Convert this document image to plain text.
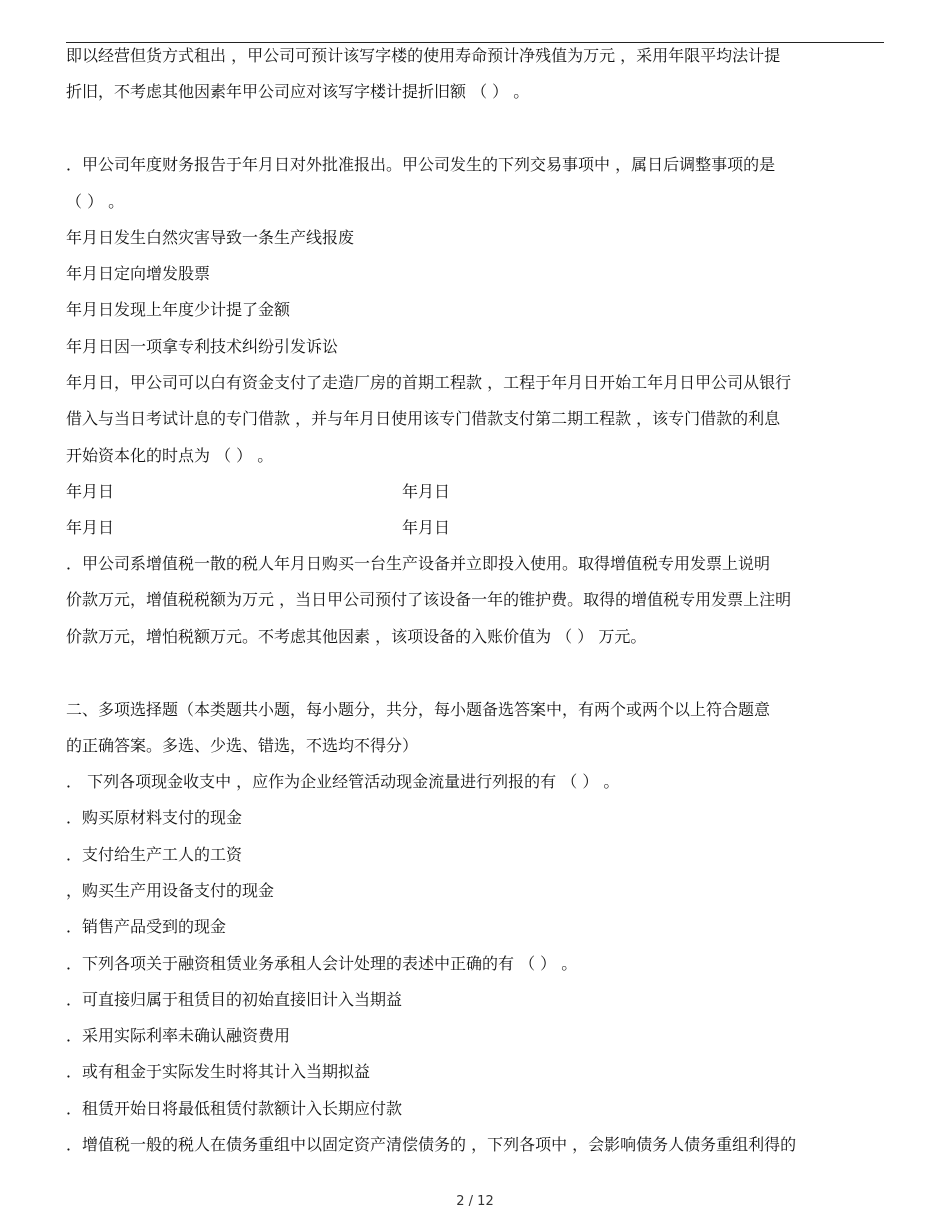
即以经营但货方式租出 ，甲公司可预计该写字楼的使用寿命预计净残值为万元 ，采用年限平均法计提
折旧，不考虑其他因素年甲公司应对该写字楼计提折旧额 （ ） 。
．甲公司年度财务报告于年月日对外批准报出。甲公司发生的下列交易事项中 ，属日后调整事项的是
（ ） 。
年月日发生白然灾害导致一条生产线报废
年月日定向增发股票
年月日发现上年度少计提了金额
年月日因一项拿专利技术纠纷引发诉讼
年月日，甲公司可以白有资金支付了走造厂房的首期工程款 ，工程于年月日开始工年月日甲公司从银行
借入与当日考试计息的专门借款 ，并与年月日使用该专门借款支付第二期工程款 ，该专门借款的利息
开始资本化的时点为 （ ） 。
年月日	年月日
年月日	年月日
．甲公司系增值税一散的税人年月日购买一台生产设备并立即投入使用。取得增值税专用发票上说明
价款万元，增值税税额为万元 ，当日甲公司预付了该设备一年的锥护费。取得的增值税专用发票上注明
价款万元，增怕税额万元。不考虑其他因素 ，该项设备的入账价值为 （ ） 万元。
二、多项选择题（本类题共小题，每小题分，共分，每小题备选答案中，有两个或两个以上符合题意
的正确答案。多选、少选、错选，不选均不得分）
． 下列各项现金收支中 ，应作为企业经管活动现金流量进行列报的有 （ ） 。
．购买原材料支付的现金
．支付给生产工人的工资
，购买生产用设备支付的现金
．销售产品受到的现金
．下列各项关于融资租赁业务承租人会计处理的表述中正确的有 （ ） 。
．可直接归属于租赁目的初始直接旧计入当期益
．采用实际利率未确认融资费用
．或有租金于实际发生时将其计入当期拟益
．租赁开始日将最低租赁付款额计入长期应付款
．增值税一般的税人在债务重组中以固定资产清偿债务的 ，下列各项中 ，会影响债务人债务重组利得的
2 / 12
